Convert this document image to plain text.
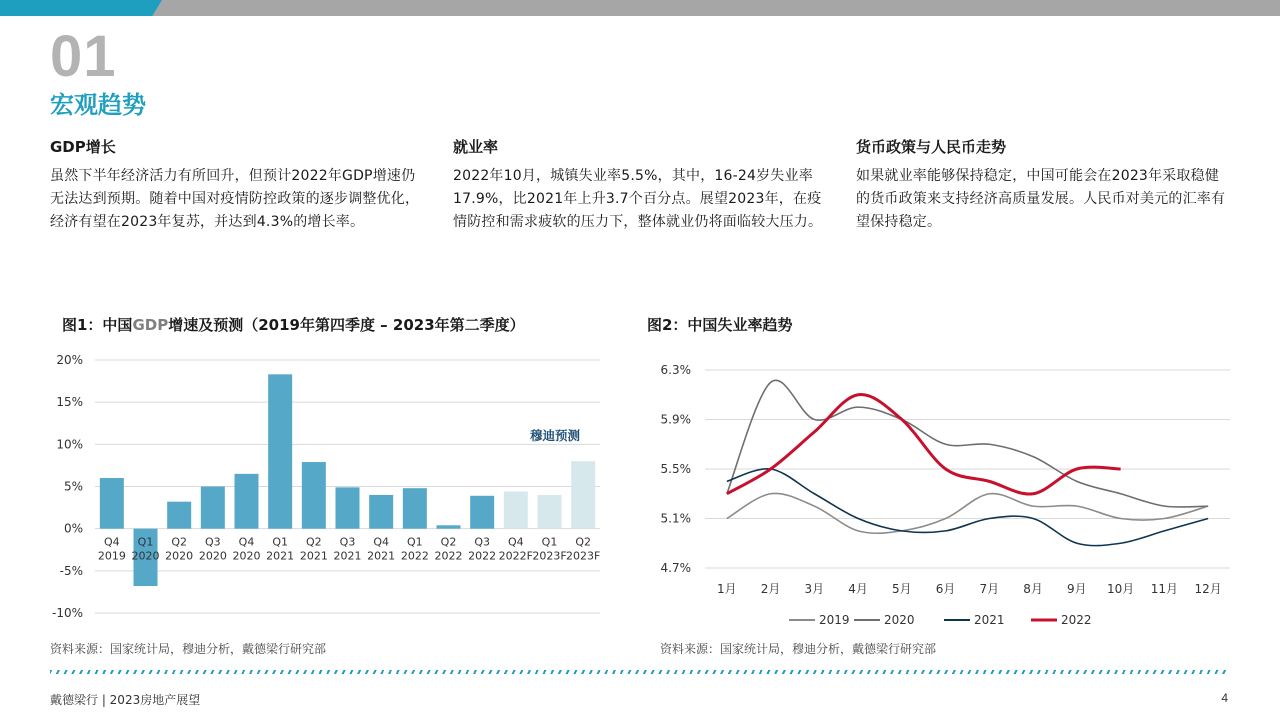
01
宏观趋势
GDP增长

虽然下半年经济活力有所回升，但预计2022年GDP增速仍无法达到预期。随着中国对疫情防控政策的逐步调整优化，经济有望在2023年复苏，并达到4.3%的增长率。

就业率

2022年10月，城镇失业率5.5%，其中，16-24岁失业率17.9%，比2021年上升3.7个百分点。展望2023年，在疫情防控和需求疲软的压力下，整体就业仍将面临较大压力。

货币政策与人民币走势

如果就业率能够保持稳定，中国可能会在2023年采取稳健的货币政策来支持经济高质量发展。人民币对美元的汇率有望保持稳定。

图1：中国GDP增速及预测（2019年第四季度 – 2023年第二季度）	图2：中国失业率趋势
-10%
-5%
0%
5%
10%
15%
20%
Q4
2019
Q1
2020
Q2
2020
Q3
2020
Q4
2020
Q1
2021
Q2
2021
Q3
2021
Q4
2021
Q1
2022
Q2
2022
Q3
2022
Q4
2022F
Q1
2023F
Q2
2023F
穆迪预测
4.7%
5.1%
5.5%
5.9%
6.3%
1月 2月 3月 4月 5月 6月 7月 8月 9月 10月 11月 12月
2019	2020	2021	2022
资料来源：国家统计局，穆迪分析，戴德梁行研究部	资料来源：国家统计局，穆迪分析，戴德梁行研究部
戴德梁行 | 2023房地产展望	4
